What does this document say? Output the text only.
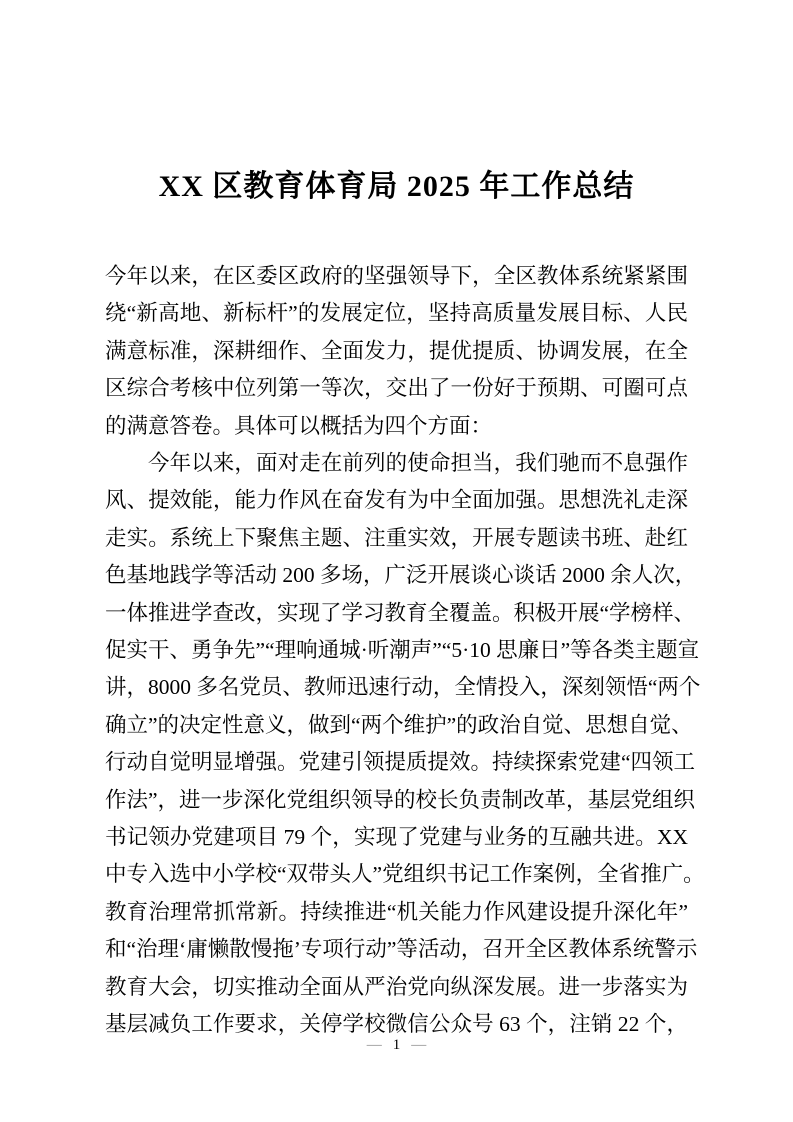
XX 区教育体育局 2025 年工作总结
今年以来，在区委区政府的坚强领导下，全区教体系统紧紧围
绕“新高地、新标杆”的发展定位，坚持高质量发展目标、人民
满意标准，深耕细作、全面发力，提优提质、协调发展，在全
区综合考核中位列第一等次，交出了一份好于预期、可圈可点
的满意答卷。具体可以概括为四个方面：
今年以来，面对走在前列的使命担当，我们驰而不息强作
风、提效能，能力作风在奋发有为中全面加强。思想洗礼走深
走实。系统上下聚焦主题、注重实效，开展专题读书班、赴红
色基地践学等活动 200 多场，广泛开展谈心谈话 2000 余人次，
一体推进学查改，实现了学习教育全覆盖。积极开展“学榜样、
促实干、勇争先”“理响通城·听潮声”“5·10 思廉日”等各类主题宣
讲，8000 多名党员、教师迅速行动，全情投入，深刻领悟“两个
确立”的决定性意义，做到“两个维护”的政治自觉、思想自觉、
行动自觉明显增强。党建引领提质提效。持续探索党建“四领工
作法”，进一步深化党组织领导的校长负责制改革，基层党组织
书记领办党建项目 79 个，实现了党建与业务的互融共进。XX
中专入选中小学校“双带头人”党组织书记工作案例，全省推广。
教育治理常抓常新。持续推进“机关能力作风建设提升深化年”
和“治理‘庸懒散慢拖’专项行动”等活动，召开全区教体系统警示
教育大会，切实推动全面从严治党向纵深发展。进一步落实为
基层减负工作要求，关停学校微信公众号 63 个，注销 22 个，
— 1 —
